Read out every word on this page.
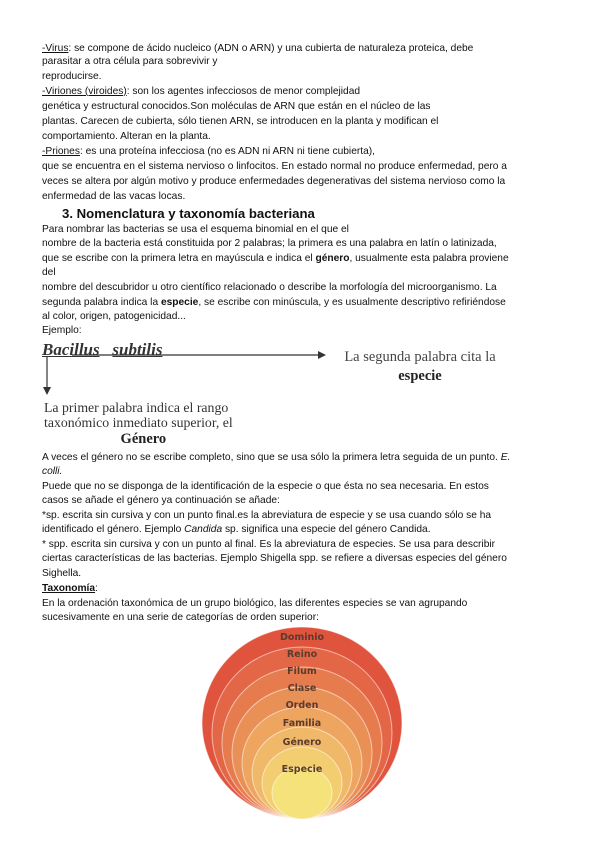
-Virus: se compone de ácido nucleico (ADN o ARN) y una cubierta de naturaleza proteica, debe
parasitar a otra célula para sobrevivir y
reproducirse.
-Viriones (viroides): son los agentes infecciosos de menor complejidad
genética y estructural conocidos.Son moléculas de ARN que están en el núcleo de las
plantas. Carecen de cubierta, sólo tienen ARN, se introducen en la planta y modifican el
comportamiento. Alteran en la planta.
-Priones: es una proteína infecciosa (no es ADN ni ARN ni tiene cubierta),
que se encuentra en el sistema nervioso o linfocitos. En estado normal no produce enfermedad, pero a
veces se altera por algún motivo y produce enfermedades degenerativas del sistema nervioso como la
enfermedad de las vacas locas.
3. Nomenclatura y taxonomía bacteriana
Para nombrar las bacterias se usa el esquema binomial en el que el
nombre de la bacteria está constituida por 2 palabras; la primera es una palabra en latín o latinizada,
que se escribe con la primera letra en mayúscula e indica el género, usualmente esta palabra proviene
del
nombre del descubridor u otro científico relacionado o describe la morfología del microorganismo. La
segunda palabra indica la especie, se escribe con minúscula, y es usualmente descriptivo refiriéndose
al color, origen, patogenicidad...
Ejemplo:
Bacillus subtilis	La segunda palabra cita la
especie
La primer palabra indica el rango
taxonómico inmediato superior, el
Género
A veces el género no se escribe completo, sino que se usa sólo la primera letra seguida de un punto. E.
colli.
Puede que no se disponga de la identificación de la especie o que ésta no sea necesaria. En estos
casos se añade el género ya continuación se añade:
*sp. escrita sin cursiva y con un punto final.es la abreviatura de especie y se usa cuando sólo se ha
identificado el género. Ejemplo Candida sp. significa una especie del género Candida.
* spp. escrita sin cursiva y con un punto al final. Es la abreviatura de especies. Se usa para describir
ciertas características de las bacterias. Ejemplo Shigella spp. se refiere a diversas especies del género
Sighella.
Taxonomía:
En la ordenación taxonómica de un grupo biológico, las diferentes especies se van agrupando
sucesivamente en una serie de categorías de orden superior:
Dominio
Reino
Filum
Clase
Orden
Familia
Género
Especie
